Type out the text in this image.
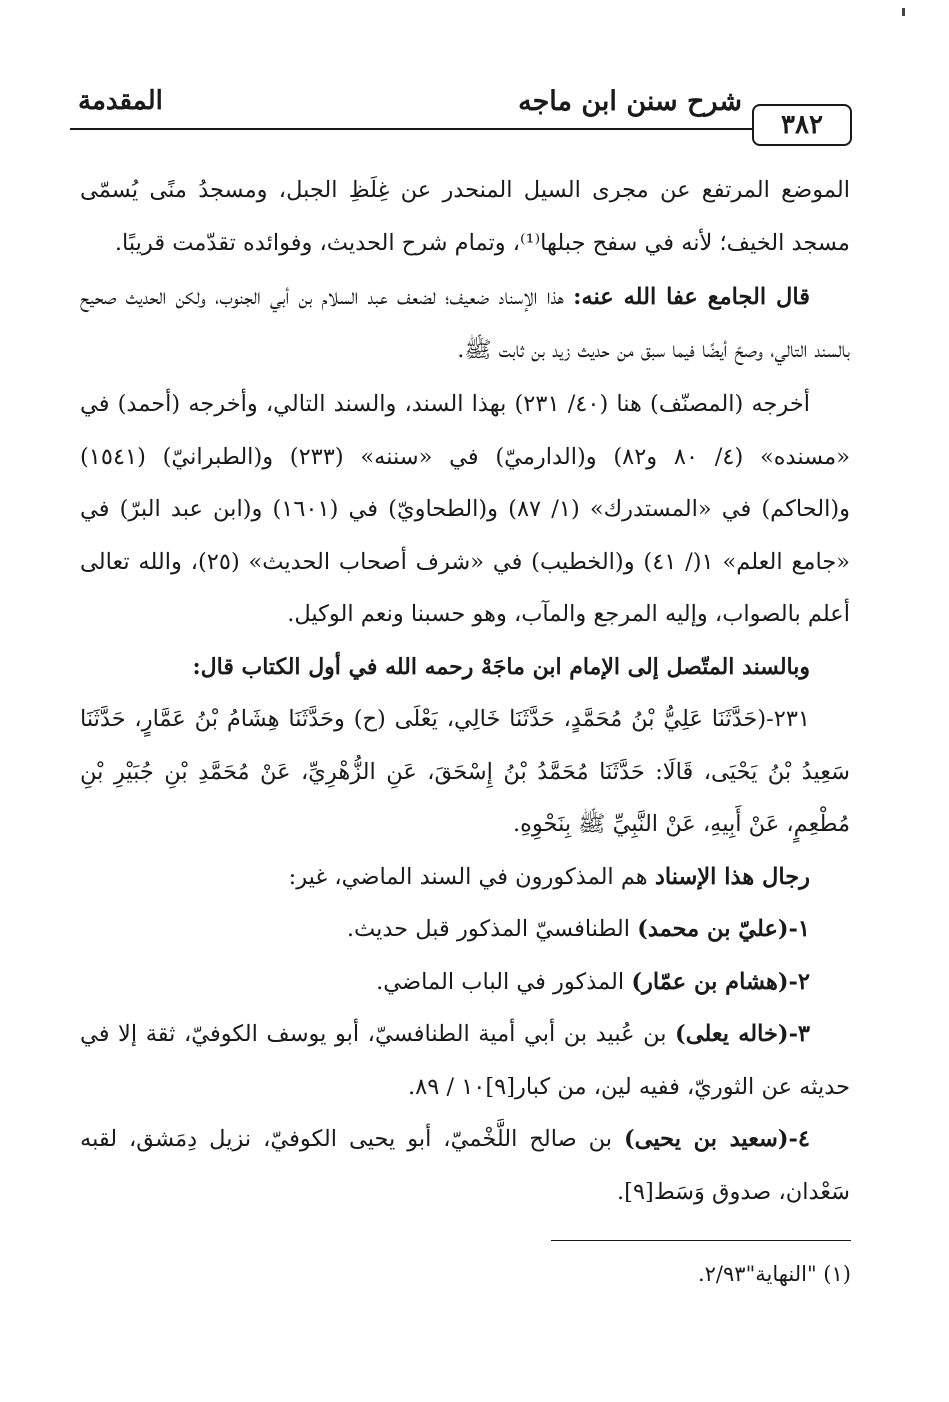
المقدمة	شرح سنن ابن ماجه
٣٨٢

الموضع المرتفع عن مجرى السيل المنحدر عن غِلَظِ الجبل، ومسجدُ منًى يُسمّى مسجد الخيف؛ لأنه في سفح جبلها⁽¹⁾، وتمام شرح الحديث، وفوائده تقدّمت قريبًا.

قال الجامع عفا الله عنه: هذا الإسناد ضعيف؛ لضعف عبد السلام بن أبي الجنوب، ولكن الحديث صحيح بالسند التالي، وصحّ أيضًا فيما سبق من حديث زيد بن ثابت ﷺ.

أخرجه (المصنّف) هنا (٤٠/ ٢٣١) بهذا السند، والسند التالي، وأخرجه (أحمد) في «مسنده» (٤/ ٨٠ و٨٢) و(الدارميّ) في «سننه» (٢٣٣) و(الطبرانيّ) (١٥٤١) و(الحاكم) في «المستدرك» (١/ ٨٧) و(الطحاويّ) في (١٦٠١) و(ابن عبد البرّ) في «جامع العلم» ١(/ ٤١) و(الخطيب) في «شرف أصحاب الحديث» (٢٥)، والله تعالى أعلم بالصواب، وإليه المرجع والمآب، وهو حسبنا ونعم الوكيل.

وبالسند المتّصل إلى الإمام ابن ماجَهْ رحمه الله في أول الكتاب قال:

٢٣١-(حَدَّثَنَا عَلِيُّ بْنُ مُحَمَّدٍ، حَدَّثَنَا خَالِي، يَعْلَى (ح) وحَدَّثَنَا هِشَامُ بْنُ عَمَّارٍ، حَدَّثَنَا سَعِيدُ بْنُ يَحْيَى، قَالَا: حَدَّثَنَا مُحَمَّدُ بْنُ إِسْحَقَ، عَنِ الزُّهْرِيِّ، عَنْ مُحَمَّدِ بْنِ جُبَيْرِ بْنِ مُطْعِمٍ، عَنْ أَبِيهِ، عَنْ النَّبِيِّ ﷺ بِنَحْوِهِ.

رجال هذا الإسناد هم المذكورون في السند الماضي، غير:

١-(عليّ بن محمد) الطنافسيّ المذكور قبل حديث.

٢-(هشام بن عمّار) المذكور في الباب الماضي.

٣-(خاله يعلى) بن عُبيد بن أبي أمية الطنافسيّ، أبو يوسف الكوفيّ، ثقة إلا في حديثه عن الثوريّ، ففيه لين، من كبار[٩]١٠ / ٨٩.

٤-(سعيد بن يحيى) بن صالح اللَّخْميّ، أبو يحيى الكوفيّ، نزيل دِمَشق، لقبه سَعْدان، صدوق وَسَط[٩].

(١) "النهاية"٢/٩٣.
